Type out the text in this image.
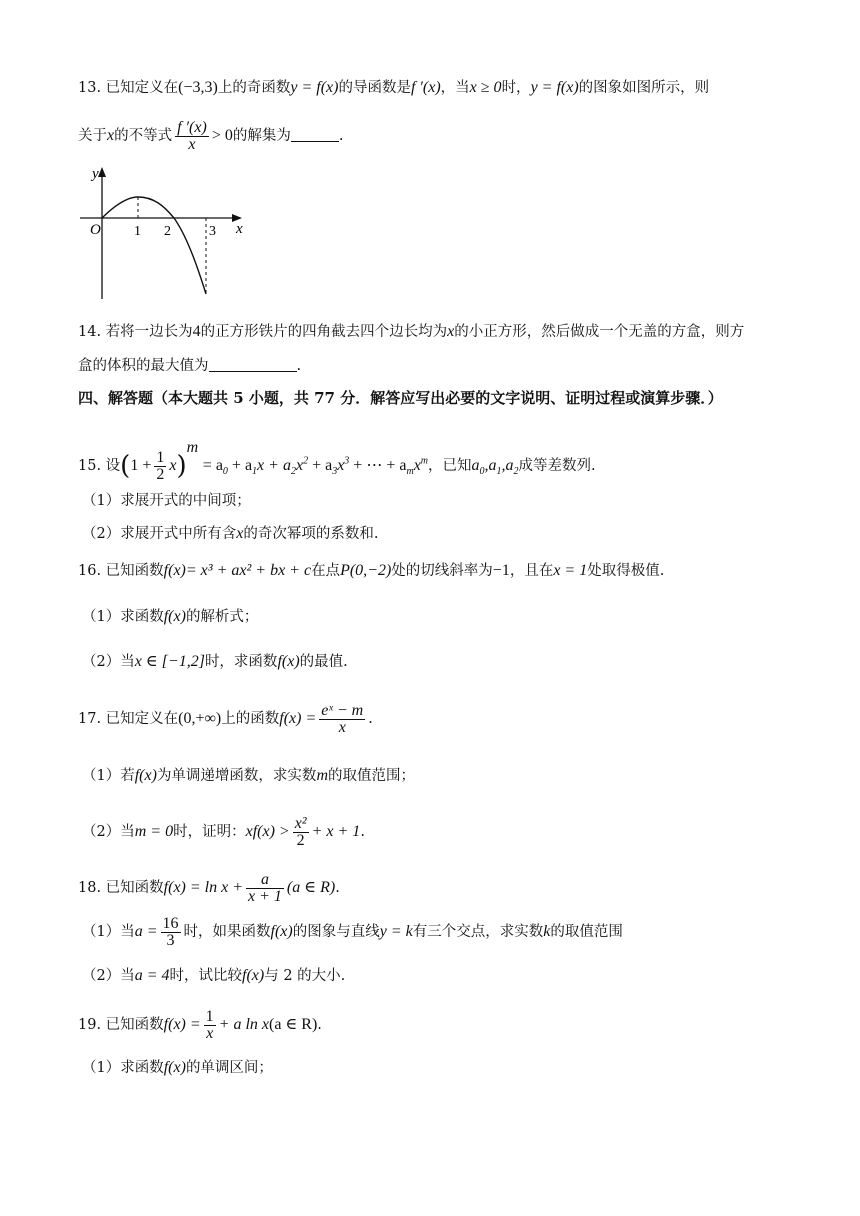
13. 已知定义在(−3,3)上的奇函数y = f(x)的导函数是f ′(x)，当x ≥ 0时，y = f(x)的图象如图所示，则
关于x的不等式 $\frac{f '(x)}{x} > 0$的解集为	.
y
x
O 1 2	3
14. 若将一边长为4的正方形铁片的四角截去四个边长均为x的小正方形，然后做成一个无盖的方盒，则方
盒的体积的最大值为	.
四、解答题（本大题共 5 小题，共 77 分．解答应写出必要的文字说明、证明过程或演算步骤．）
15. 设$(1 + \frac{1}{2} x)^m = a_0 + a_1x + a_2x^2 + a_3x^3$ + ⋯ + $a_mx^m$，已知$a_0,a_1,a_2$成等差数列.
（1）求展开式的中间项；
（2）求展开式中所有含x的奇次幂项的系数和.
16. 已知函数f(x)= x³ + ax² + bx + c在点P(0,−2)处的切线斜率为−1，且在x = 1处取得极值.
（1）求函数f(x)的解析式；
（2）当x ∈ [−1,2]时，求函数f(x)的最值.
17. 已知定义在(0,+∞)上的函数$f(x) = \frac{\text{eˣ − m}}{x}$ .
（1）若f(x)为单调递增函数，求实数m的取值范围；
（2）当m = 0时，证明：$xf(x) > \frac{\text{x²}}{2} + x + 1$.
18. 已知函数$f(x) = \ln x + \frac{a}{x + 1} (a$ ∈ R).
（1）当$a = \frac{16}{3}$ 时，如果函数f(x)的图象与直线y = k有三个交点，求实数k的取值范围
（2）当a = 4时，试比较f(x)与 2 的大小.
19. 已知函数$f(x) = \frac{1}{x} + a$ ln x(a ∈ R).
（1）求函数f(x)的单调区间；
